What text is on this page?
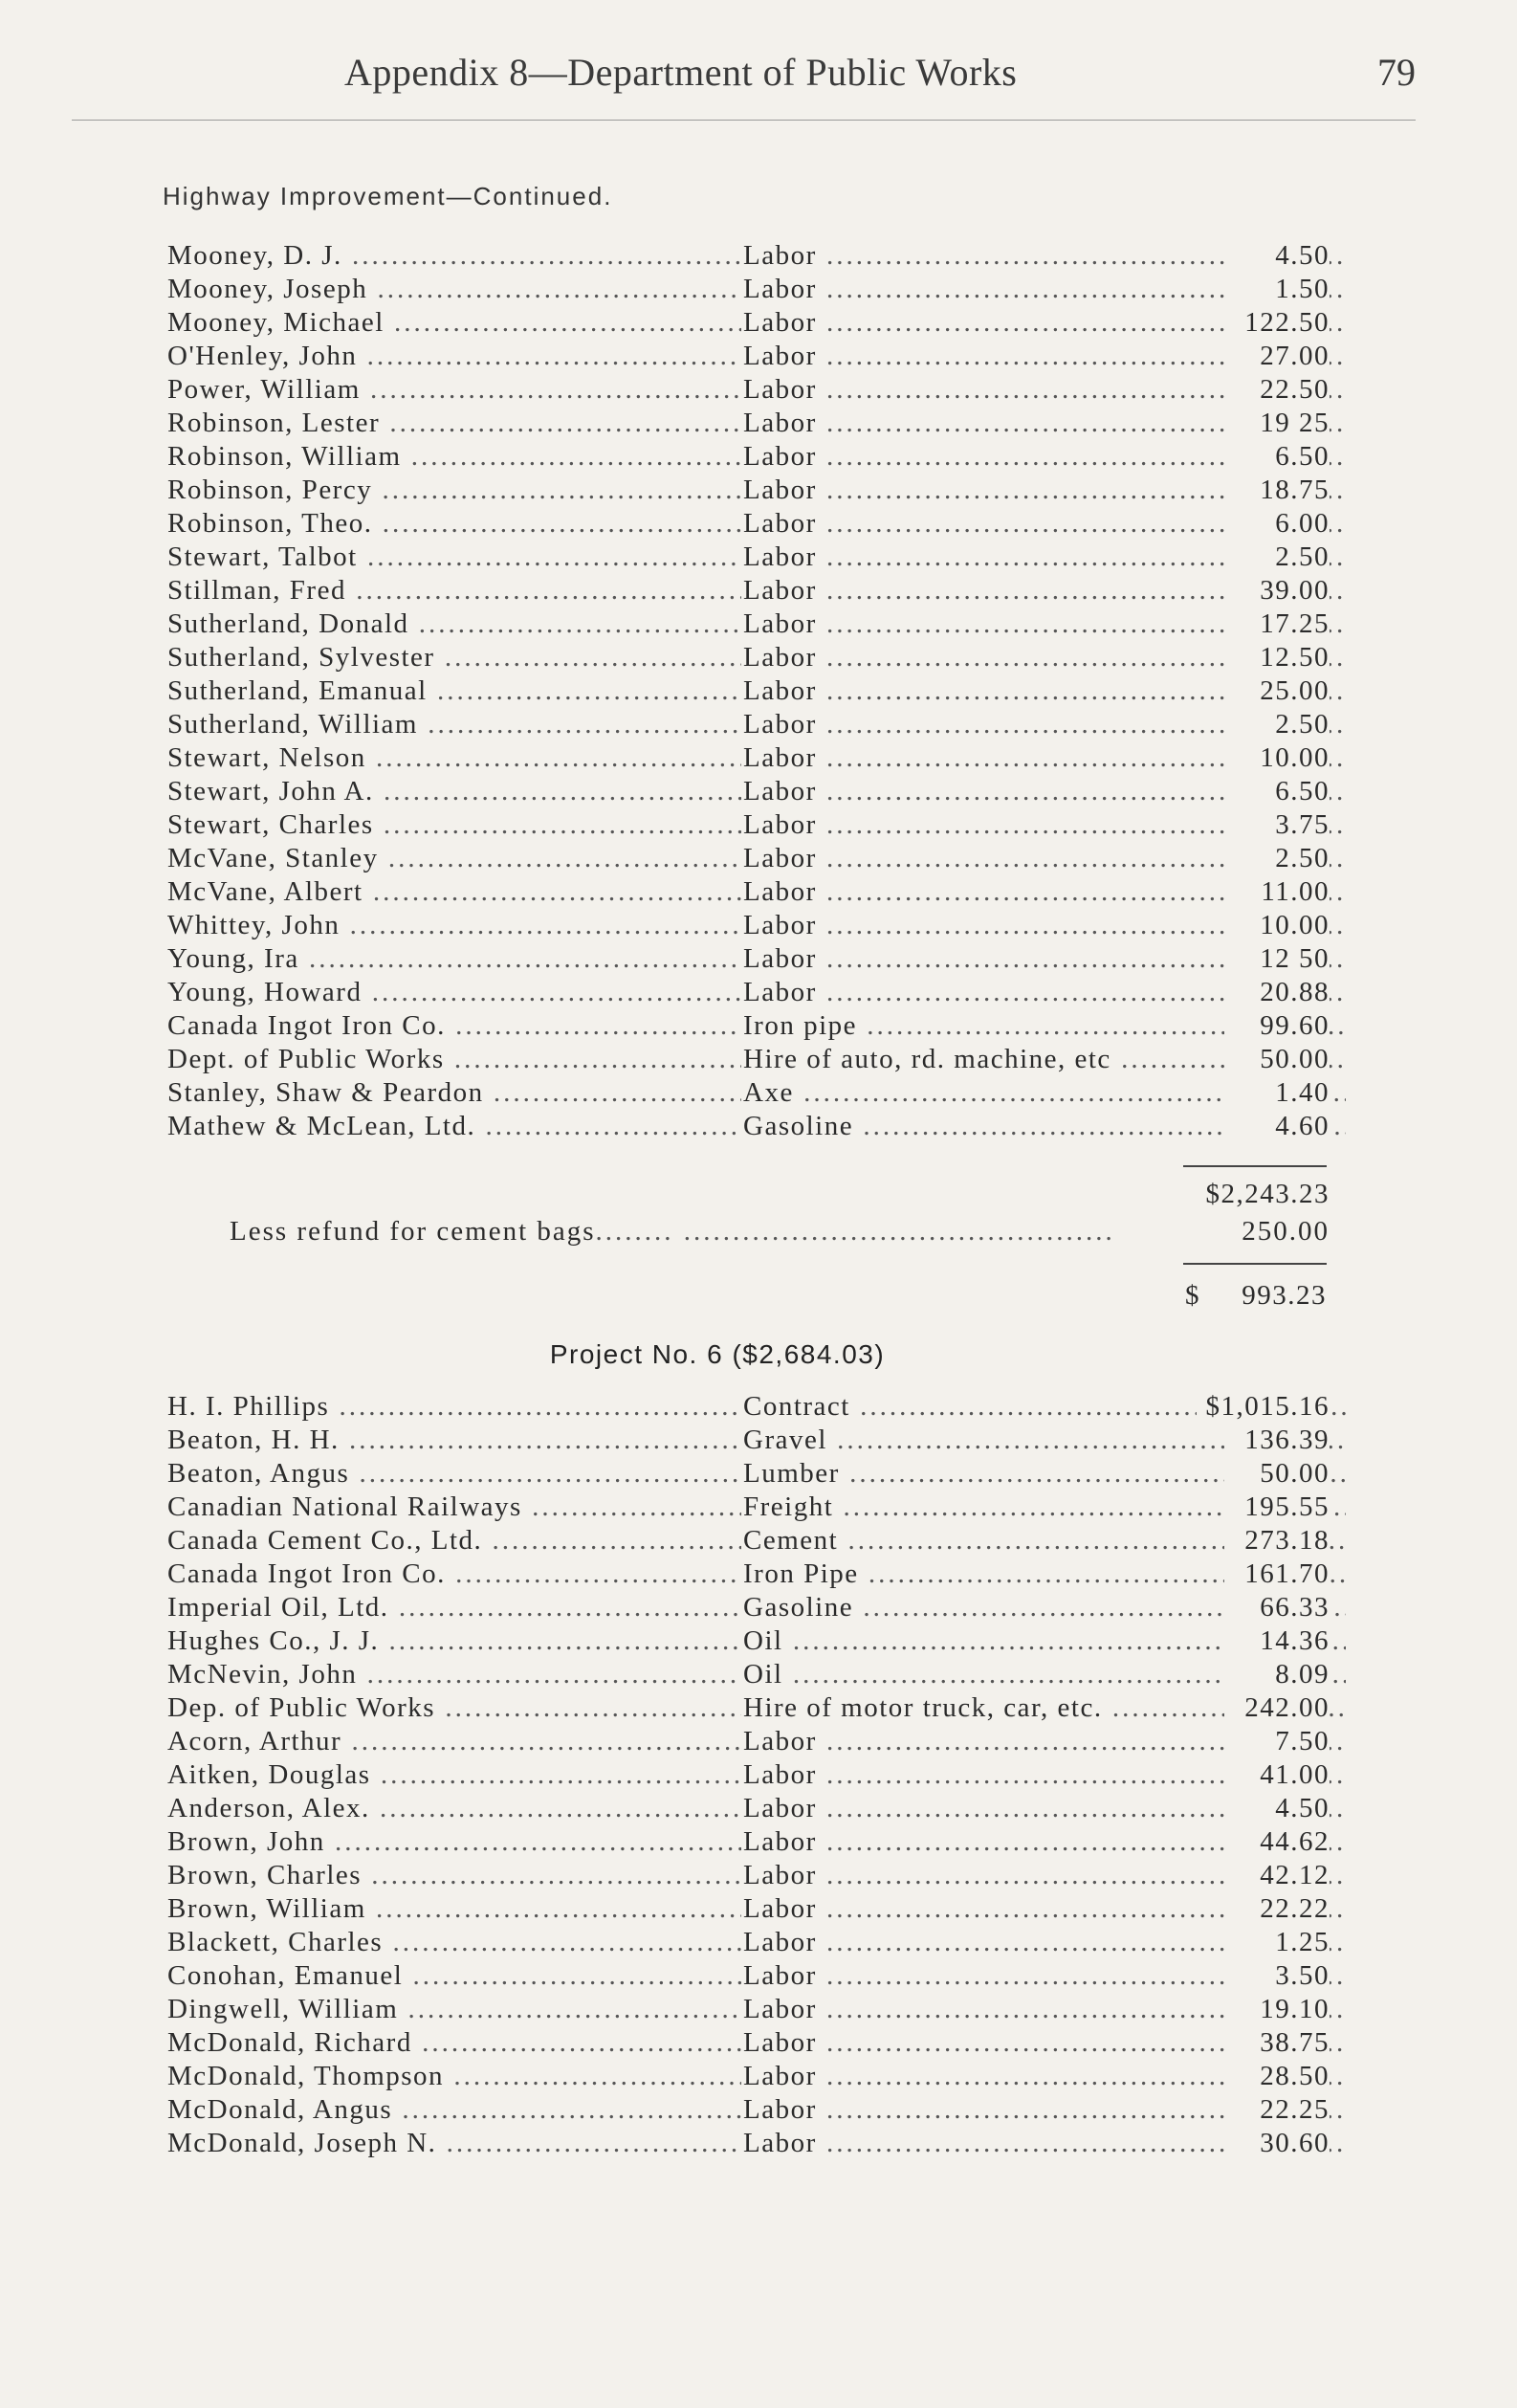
Appendix 8—Department of Public Works	79
Highway Improvement—Continued.
Mooney, D. J. .....	Labor .....	4.50
Mooney, Joseph .....	Labor .....	1.50
Mooney, Michael .....	Labor .....	122.50
O'Henley, John .....	Labor .....	27.00
Power, William .....	Labor .....	22.50
Robinson, Lester .....	Labor .....	19 25
Robinson, William .....	Labor .....	6.50
Robinson, Percy .....	Labor .....	18.75
Robinson, Theo. .....	Labor .....	6.00
Stewart, Talbot .....	Labor .....	2.50
Stillman, Fred .....	Labor .....	39.00
Sutherland, Donald .....	Labor .....	17.25
Sutherland, Sylvester .....	Labor .....	12.50
Sutherland, Emanual .....	Labor .....	25.00
Sutherland, William .....	Labor .....	2.50
Stewart, Nelson .....	Labor .....	10.00
Stewart, John A. .....	Labor .....	6.50
Stewart, Charles .....	Labor .....	3.75
McVane, Stanley .....	Labor .....	2.50
McVane, Albert .....	Labor .....	11.00
Whittey, John .....	Labor .....	10.00
Young, Ira .....	Labor .....	12 50
Young, Howard .....	Labor .....	20.88
Canada Ingot Iron Co. .....	Iron pipe .....	99.60
Dept. of Public Works .....	Hire of auto, rd. machine, etc .....	50.00
Stanley, Shaw & Peardon .....	Axe .....	1.40
Mathew & McLean, Ltd. .....	Gasoline .....	4.60
$2,243.23
Less refund for cement bags .....	250.00
$ 993.23
Project No. 6 ($2,684.03)
H. I. Phillips .....	Contract .....	$1,015.16
Beaton, H. H. .....	Gravel .....	136.39
Beaton, Angus .....	Lumber .....	50.00
Canadian National Railways .....	Freight .....	195.55
Canada Cement Co., Ltd. .....	Cement .....	273.18
Canada Ingot Iron Co. .....	Iron Pipe .....	161.70
Imperial Oil, Ltd. .....	Gasoline .....	66.33
Hughes Co., J. J. .....	Oil .....	14.36
McNevin, John .....	Oil .....	8.09
Dep. of Public Works .....	Hire of motor truck, car, etc. .....	242.00
Acorn, Arthur .....	Labor .....	7.50
Aitken, Douglas .....	Labor .....	41.00
Anderson, Alex. .....	Labor .....	4.50
Brown, John .....	Labor .....	44.62
Brown, Charles .....	Labor .....	42.12
Brown, William .....	Labor .....	22.22
Blackett, Charles .....	Labor .....	1.25
Conohan, Emanuel .....	Labor .....	3.50
Dingwell, William .....	Labor .....	19.10
McDonald, Richard .....	Labor .....	38.75
McDonald, Thompson .....	Labor .....	28.50
McDonald, Angus .....	Labor .....	22.25
McDonald, Joseph N. .....	Labor .....	30.60
